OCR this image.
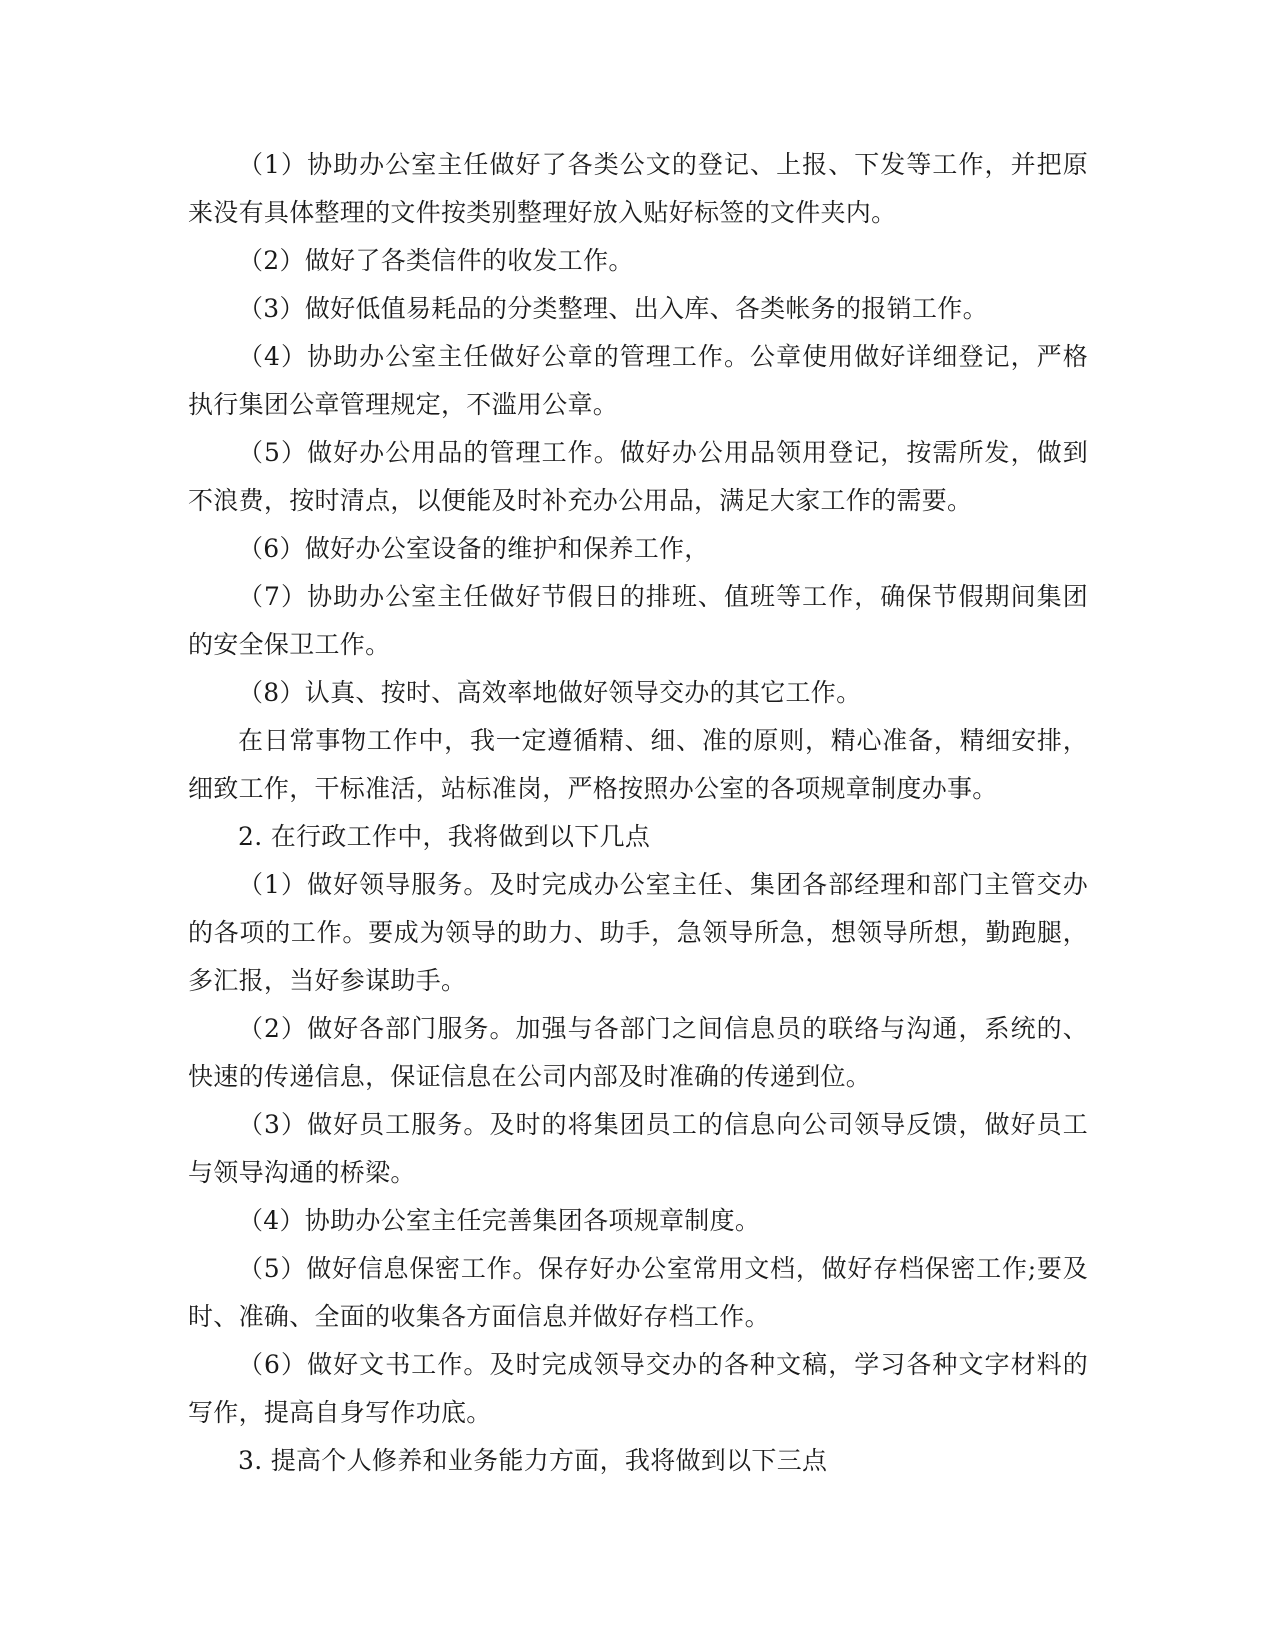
（1）协助办公室主任做好了各类公文的登记、上报、下发等工作，并把原来没有具体整理的文件按类别整理好放入贴好标签的文件夹内。

（2）做好了各类信件的收发工作。

（3）做好低值易耗品的分类整理、出入库、各类帐务的报销工作。

（4）协助办公室主任做好公章的管理工作。公章使用做好详细登记，严格执行集团公章管理规定，不滥用公章。

（5）做好办公用品的管理工作。做好办公用品领用登记，按需所发，做到不浪费，按时清点，以便能及时补充办公用品，满足大家工作的需要。

（6）做好办公室设备的维护和保养工作，

（7）协助办公室主任做好节假日的排班、值班等工作，确保节假期间集团的安全保卫工作。

（8）认真、按时、高效率地做好领导交办的其它工作。

在日常事物工作中，我一定遵循精、细、准的原则，精心准备，精细安排，细致工作，干标准活，站标准岗，严格按照办公室的各项规章制度办事。

2. 在行政工作中，我将做到以下几点

（1）做好领导服务。及时完成办公室主任、集团各部经理和部门主管交办的各项的工作。要成为领导的助力、助手，急领导所急，想领导所想，勤跑腿，多汇报，当好参谋助手。

（2）做好各部门服务。加强与各部门之间信息员的联络与沟通，系统的、快速的传递信息，保证信息在公司内部及时准确的传递到位。

（3）做好员工服务。及时的将集团员工的信息向公司领导反馈，做好员工与领导沟通的桥梁。

（4）协助办公室主任完善集团各项规章制度。

（5）做好信息保密工作。保存好办公室常用文档，做好存档保密工作;要及时、准确、全面的收集各方面信息并做好存档工作。

（6）做好文书工作。及时完成领导交办的各种文稿，学习各种文字材料的写作，提高自身写作功底。

3. 提高个人修养和业务能力方面，我将做到以下三点
